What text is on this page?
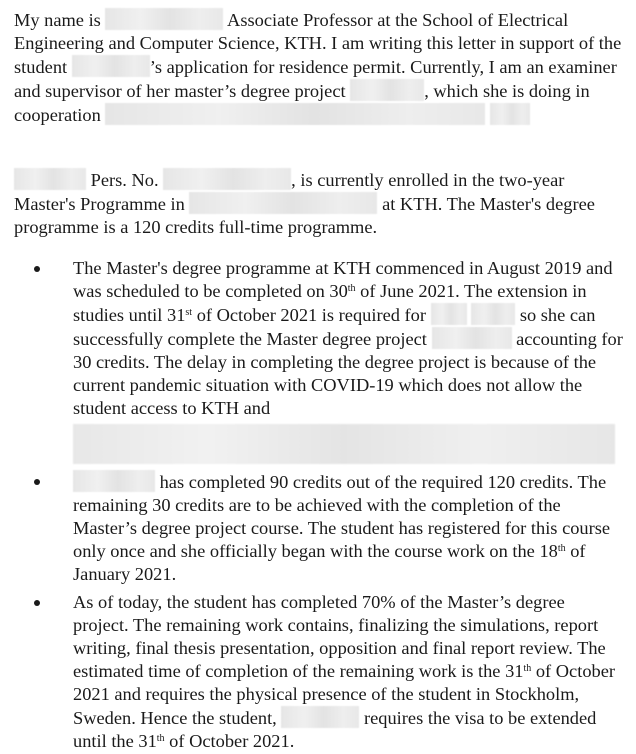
My name is	Associate Professor at the School of Electrical Engineering and Computer Science, KTH. I am writing this letter in support of the student	’s application for residence permit. Currently, I am an examiner and supervisor of her master’s degree project	, which she is doing in cooperation

Pers. No.	, is currently enrolled in the two-year Master's Programme in	at KTH. The Master's degree programme is a 120 credits full-time programme.

The Master's degree programme at KTH commenced in August 2019 and was scheduled to be completed on 30th of June 2021. The extension in studies until 31st of October 2021 is required for	so she can successfully complete the Master degree project	accounting for 30 credits. The delay in completing the degree project is because of the current pandemic situation with COVID-19 which does not allow the student access to KTH and

has completed 90 credits out of the required 120 credits. The remaining 30 credits are to be achieved with the completion of the Master’s degree project course. The student has registered for this course only once and she officially began with the course work on the 18th of January 2021.

As of today, the student has completed 70% of the Master’s degree project. The remaining work contains, finalizing the simulations, report writing, final thesis presentation, opposition and final report review. The estimated time of completion of the remaining work is the 31th of October 2021 and requires the physical presence of the student in Stockholm, Sweden. Hence the student,	requires the visa to be extended until the 31th of October 2021.
